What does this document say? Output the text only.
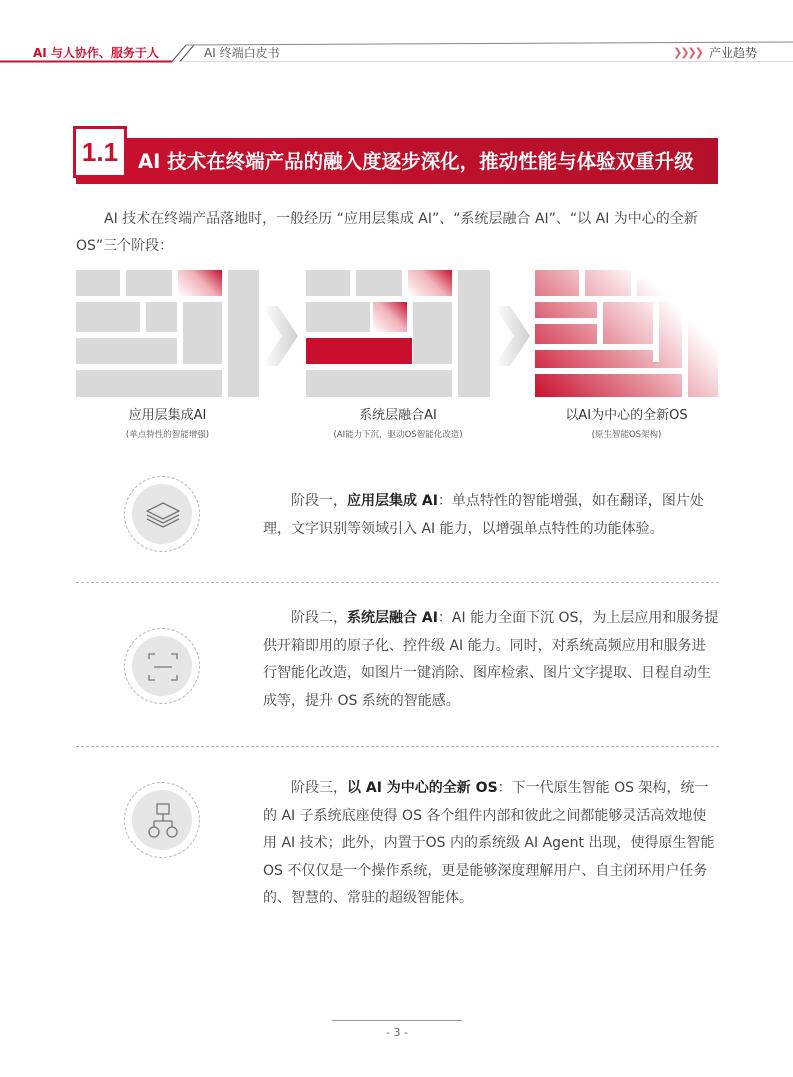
AI 与人协作、服务于人	AI 终端白皮书	❯❯❯❯ 产业趋势
1.1	AI 技术在终端产品的融入度逐步深化，推动性能与体验双重升级

AI 技术在终端产品落地时，一般经历 “应用层集成 AI”、“系统层融合 AI”、“以 AI 为中心的全新 OS”三个阶段：

应用层集成AI
(单点特性的智能增强)
系统层融合AI
(AI能力下沉，驱动OS智能化改造)
以AI为中心的全新OS
(原生智能OS架构)

阶段一，应用层集成 AI：单点特性的智能增强，如在翻译，图片处理，文字识别等领域引入 AI 能力，以增强单点特性的功能体验。

阶段二，系统层融合 AI：AI 能力全面下沉 OS，为上层应用和服务提供开箱即用的原子化、控件级 AI 能力。同时，对系统高频应用和服务进行智能化改造，如图片一键消除、图库检索、图片文字提取、日程自动生成等，提升 OS 系统的智能感。

阶段三，以 AI 为中心的全新 OS：下一代原生智能 OS 架构，统一的 AI 子系统底座使得 OS 各个组件内部和彼此之间都能够灵活高效地使用 AI 技术；此外，内置于OS 内的系统级 AI Agent 出现，使得原生智能 OS 不仅仅是一个操作系统，更是能够深度理解用户、自主闭环用户任务的、智慧的、常驻的超级智能体。

- 3 -
